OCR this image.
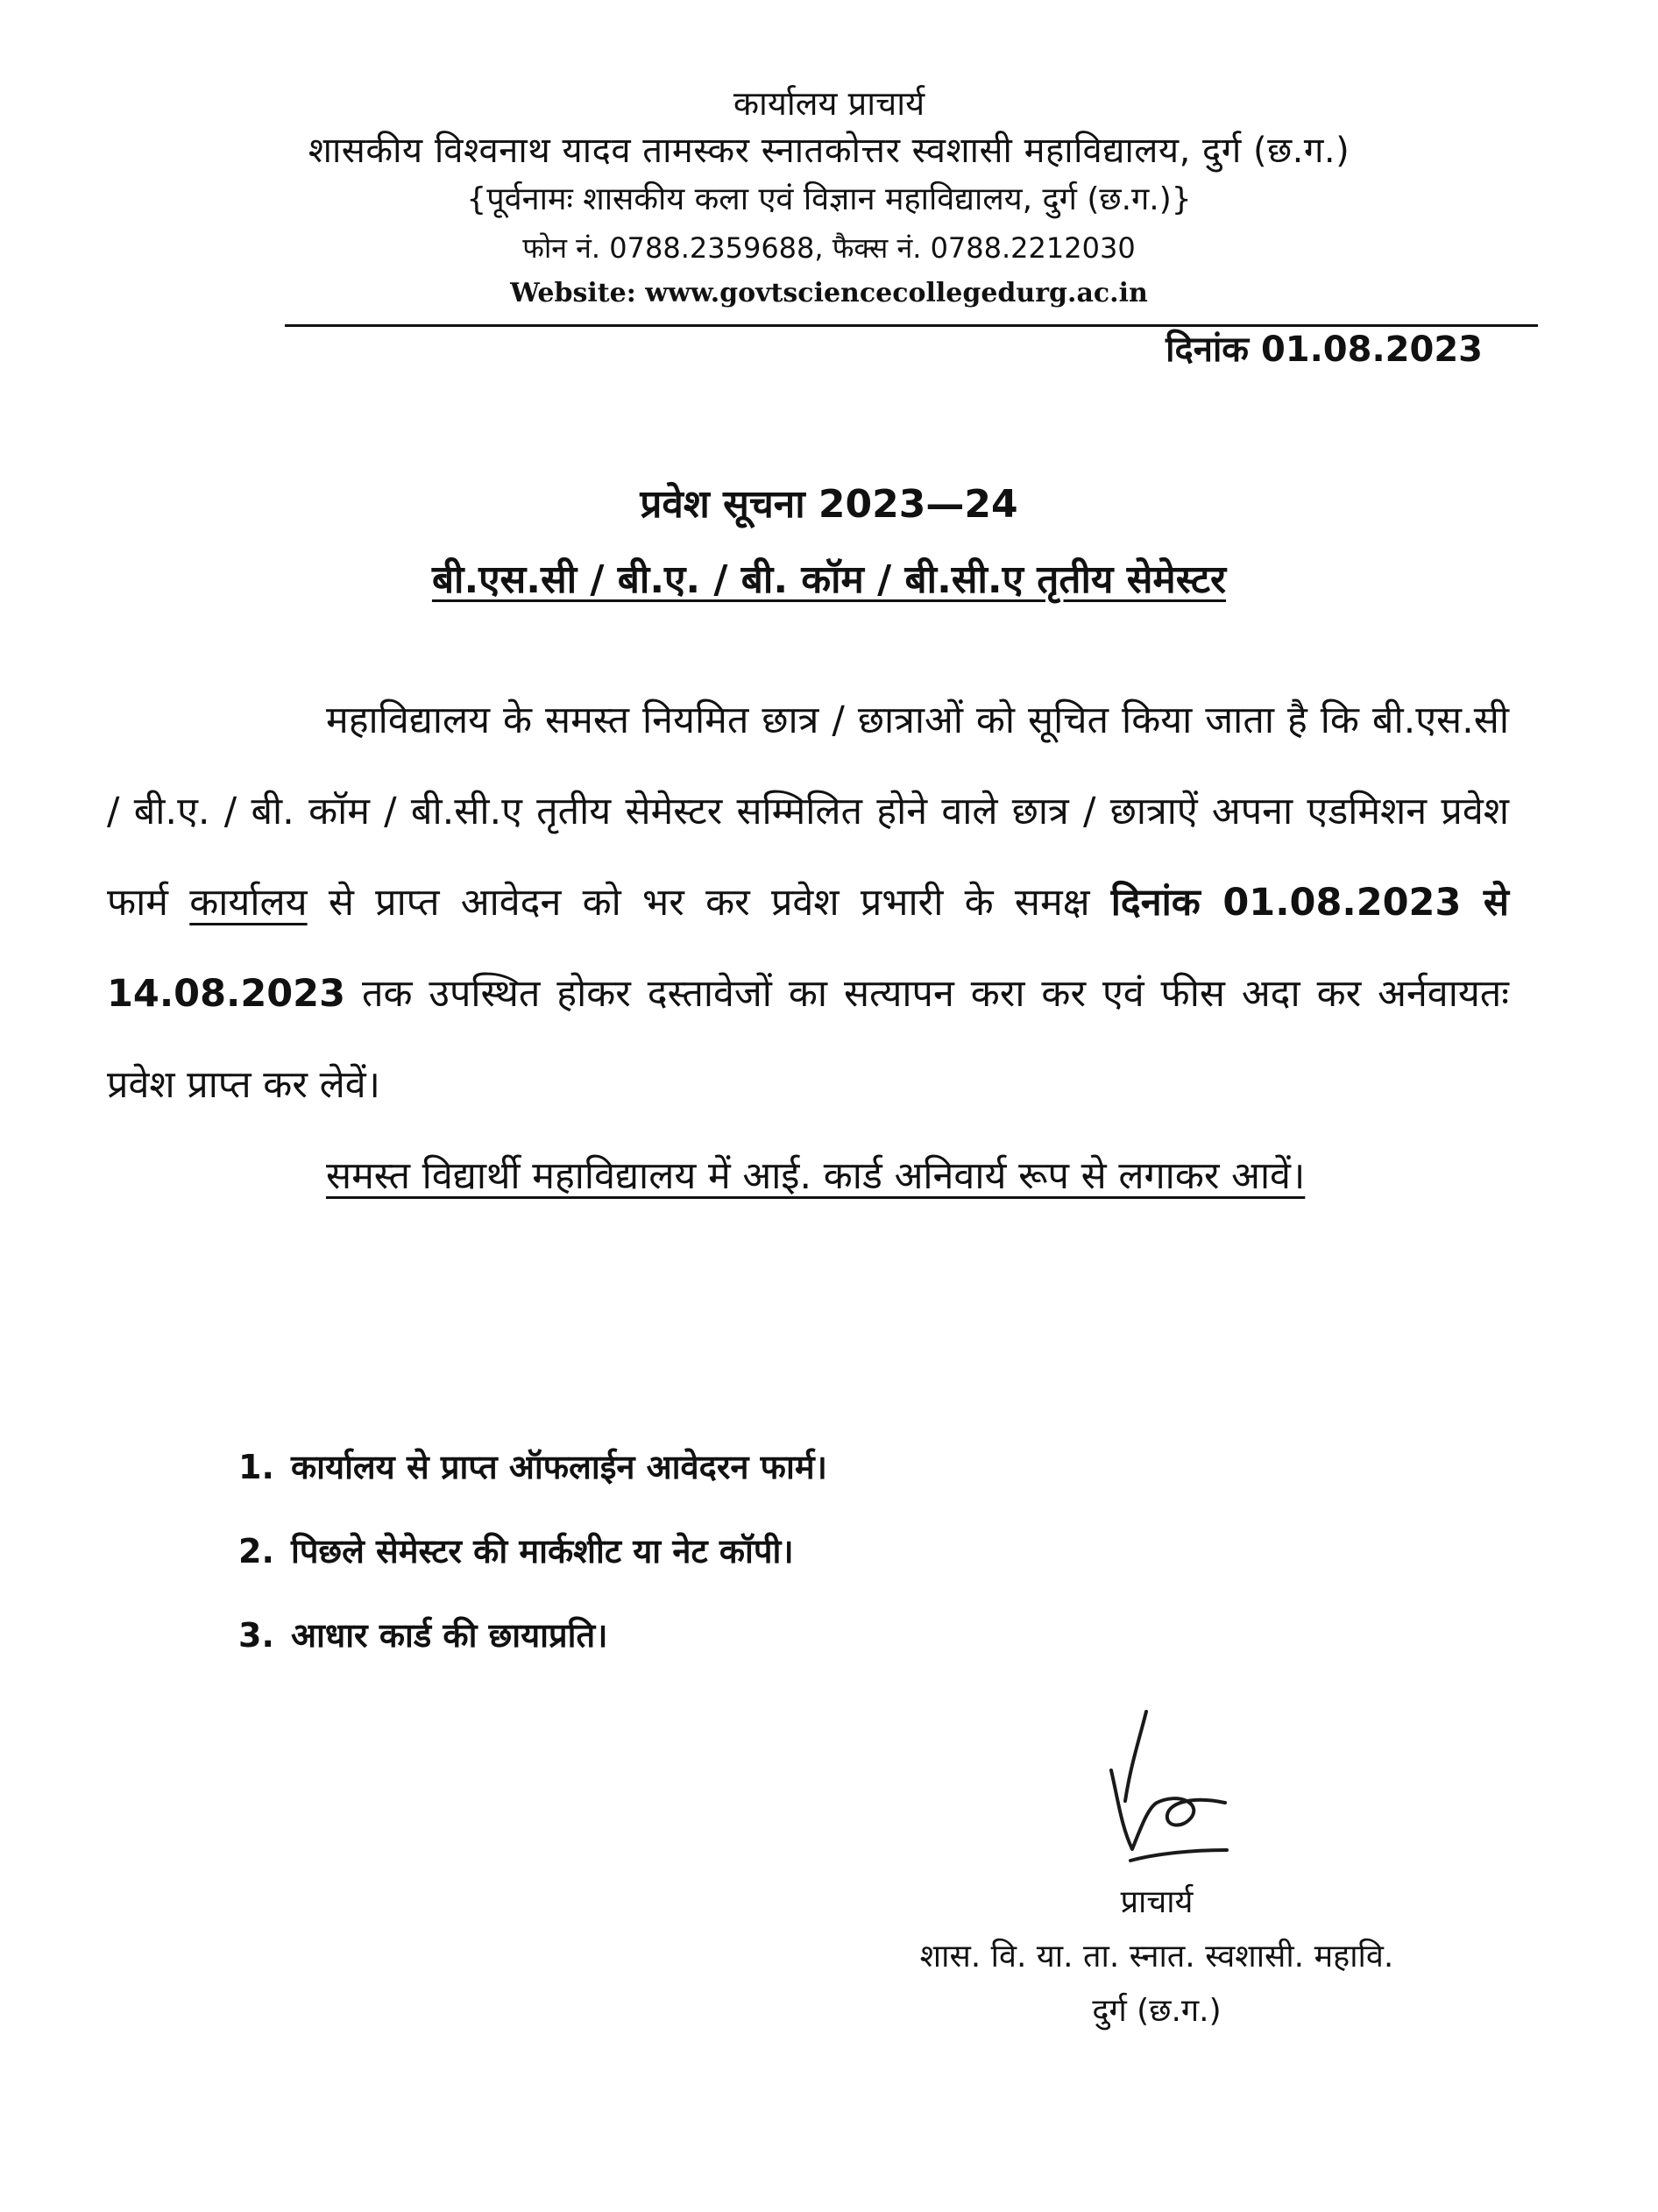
कार्यालय प्राचार्य
शासकीय विश्वनाथ यादव तामस्कर स्नातकोत्तर स्वशासी महाविद्यालय, दुर्ग (छ.ग.)
{पूर्वनामः शासकीय कला एवं विज्ञान महाविद्यालय, दुर्ग (छ.ग.)}
फोन नं. 0788.2359688, फैक्स नं. 0788.2212030
Website: www.govtsciencecollegedurg.ac.in
दिनांक 01.08.2023
प्रवेश सूचना 2023—24
बी.एस.सी / बी.ए. / बी. कॉम / बी.सी.ए तृतीय सेमेस्टर

महाविद्यालय के समस्त नियमित छात्र / छात्राओं को सूचित किया जाता है कि बी.एस.सी / बी.ए. / बी. कॉम / बी.सी.ए तृतीय सेमेस्टर सम्मिलित होने वाले छात्र / छात्राऐं अपना एडमिशन प्रवेश फार्म कार्यालय से प्राप्त आवेदन को भर कर प्रवेश प्रभारी के समक्ष दिनांक 01.08.2023 से 14.08.2023 तक उपस्थित होकर दस्तावेजों का सत्यापन करा कर एवं फीस अदा कर अर्नवायतः प्रवेश प्राप्त कर लेवें।

समस्त विद्यार्थी महाविद्यालय में आई. कार्ड अनिवार्य रूप से लगाकर आवें।

1. कार्यालय से प्राप्त ऑफलाईन आवेदरन फार्म।
2. पिछले सेमेस्टर की मार्कशीट या नेट कॉपी।
3. आधार कार्ड की छायाप्रति।
प्राचार्य
शास. वि. या. ता. स्नात. स्वशासी. महावि.
दुर्ग (छ.ग.)
